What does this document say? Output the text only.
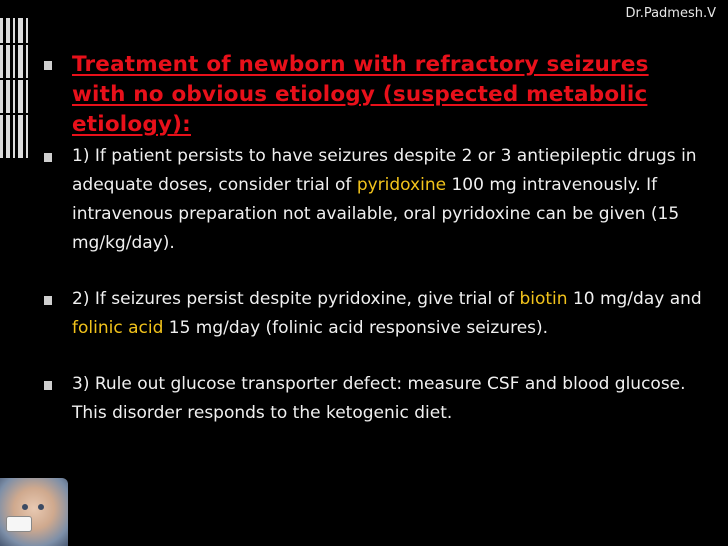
Dr.Padmesh.V
Treatment of newborn with refractory seizures with no obvious etiology (suspected metabolic etiology):
1) If patient persists to have seizures despite 2 or 3 antiepileptic drugs in adequate doses, consider trial of pyridoxine 100 mg intravenously. If intravenous preparation not available, oral pyridoxine can be given (15 mg/kg/day).
2) If seizures persist despite pyridoxine, give trial of biotin 10 mg/day and folinic acid 15 mg/day (folinic acid responsive seizures).
3) Rule out glucose transporter defect: measure CSF and blood glucose. This disorder responds to the ketogenic diet.
